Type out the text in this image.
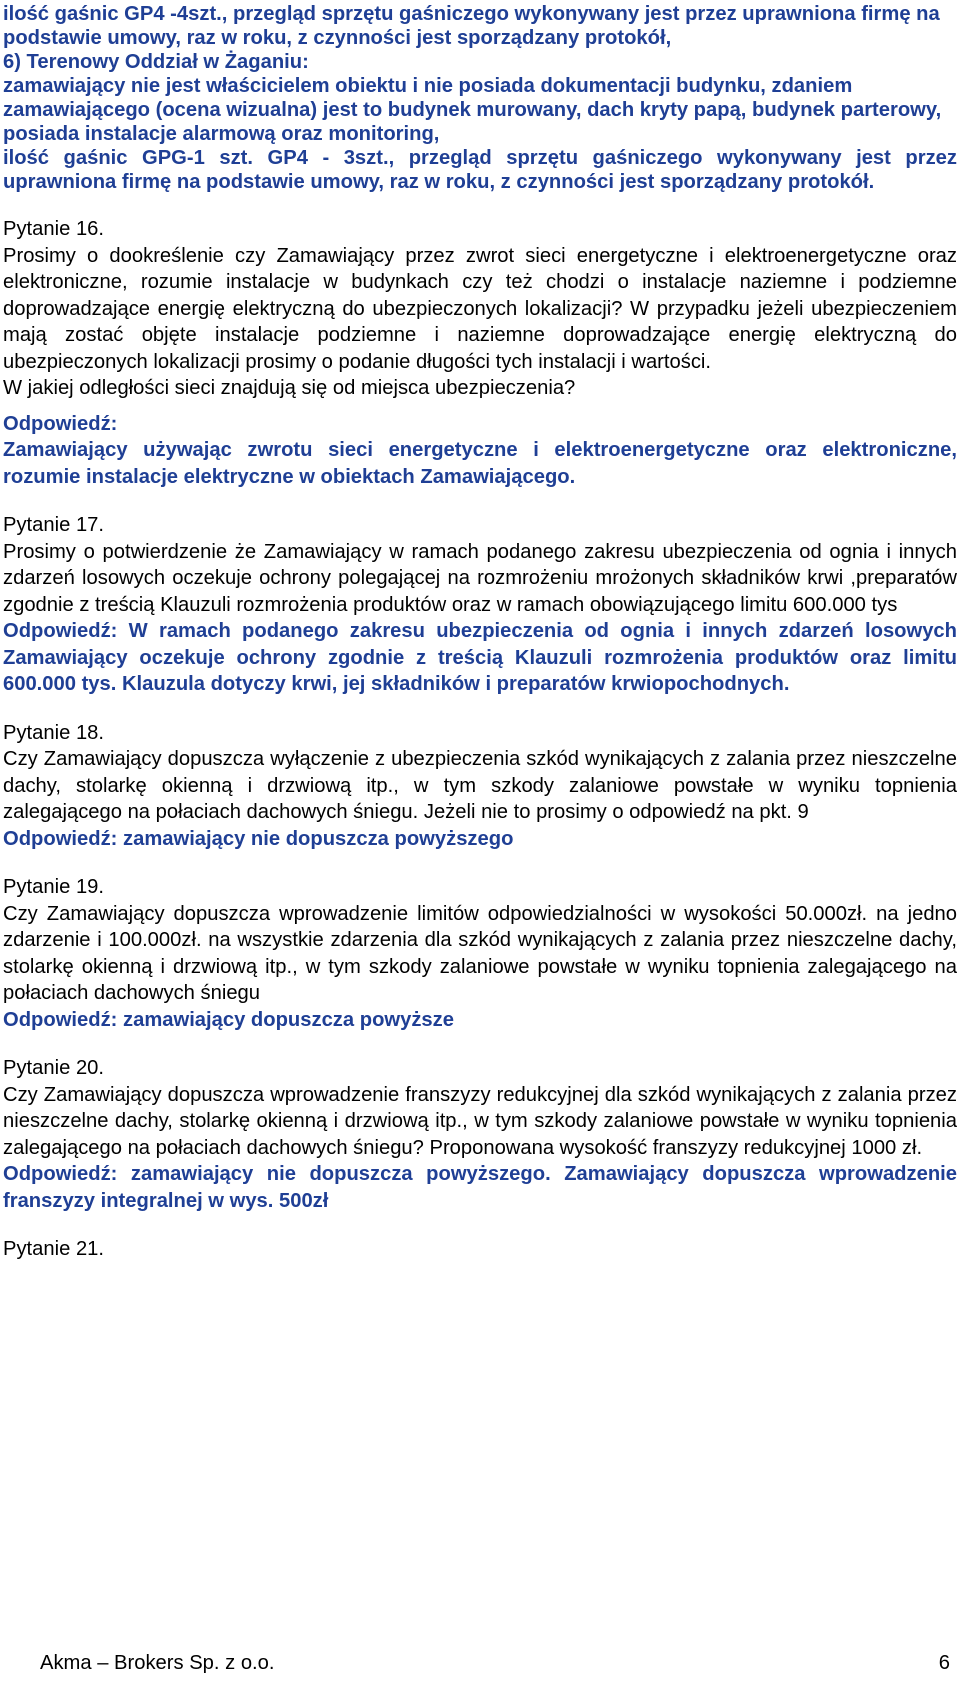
ilość gaśnic GP4 -4szt., przegląd sprzętu gaśniczego wykonywany jest przez uprawniona firmę na podstawie umowy, raz w roku, z czynności jest sporządzany protokół,
6) Terenowy Oddział w Żaganiu:
zamawiający nie jest właścicielem obiektu i nie posiada dokumentacji budynku, zdaniem zamawiającego (ocena wizualna) jest to budynek murowany, dach kryty papą, budynek parterowy, posiada instalacje alarmową oraz monitoring,
ilość gaśnic GPG-1 szt. GP4 - 3szt., przegląd sprzętu gaśniczego wykonywany jest przez uprawniona firmę na podstawie umowy, raz w roku, z czynności jest sporządzany protokół.
Pytanie 16.
Prosimy o dookreślenie czy Zamawiający przez zwrot sieci energetyczne i elektroenergetyczne oraz elektroniczne, rozumie instalacje w budynkach czy też chodzi o instalacje naziemne i podziemne doprowadzające energię elektryczną do ubezpieczonych lokalizacji? W przypadku jeżeli ubezpieczeniem mają zostać objęte instalacje podziemne i naziemne doprowadzające energię elektryczną do ubezpieczonych lokalizacji prosimy o podanie długości tych instalacji i wartości.
W jakiej odległości sieci znajdują się od miejsca ubezpieczenia?
Odpowiedź:
Zamawiający używając zwrotu sieci energetyczne i elektroenergetyczne oraz elektroniczne, rozumie instalacje elektryczne w obiektach Zamawiającego.
Pytanie 17.
Prosimy o potwierdzenie że Zamawiający w ramach podanego zakresu ubezpieczenia od ognia i innych zdarzeń losowych oczekuje ochrony polegającej na rozmrożeniu mrożonych składników krwi ,preparatów zgodnie z treścią Klauzuli rozmrożenia produktów oraz w ramach obowiązującego limitu 600.000 tys
Odpowiedź: W ramach podanego zakresu ubezpieczenia od ognia i innych zdarzeń losowych Zamawiający oczekuje ochrony zgodnie z treścią Klauzuli rozmrożenia produktów oraz limitu 600.000 tys. Klauzula dotyczy krwi, jej składników i preparatów krwiopochodnych.
Pytanie 18.
Czy Zamawiający dopuszcza wyłączenie z ubezpieczenia szkód wynikających z zalania przez nieszczelne dachy, stolarkę okienną i drzwiową itp., w tym szkody zalaniowe powstałe w wyniku topnienia zalegającego na połaciach dachowych śniegu. Jeżeli nie to prosimy o odpowiedź na pkt. 9
Odpowiedź: zamawiający nie dopuszcza powyższego
Pytanie 19.
Czy Zamawiający dopuszcza wprowadzenie limitów odpowiedzialności w wysokości 50.000zł. na jedno zdarzenie i 100.000zł. na wszystkie zdarzenia dla szkód wynikających z zalania przez nieszczelne dachy, stolarkę okienną i drzwiową itp., w tym szkody zalaniowe powstałe w wyniku topnienia zalegającego na połaciach dachowych śniegu
Odpowiedź: zamawiający dopuszcza powyższe
Pytanie 20.
Czy Zamawiający dopuszcza wprowadzenie franszyzy redukcyjnej dla szkód wynikających z zalania przez nieszczelne dachy, stolarkę okienną i drzwiową itp., w tym szkody zalaniowe powstałe w wyniku topnienia zalegającego na połaciach dachowych śniegu? Proponowana wysokość franszyzy redukcyjnej 1000 zł.
Odpowiedź: zamawiający nie dopuszcza powyższego. Zamawiający dopuszcza wprowadzenie franszyzy integralnej w wys. 500zł
Pytanie 21.
Akma – Brokers Sp. z o.o.	6
